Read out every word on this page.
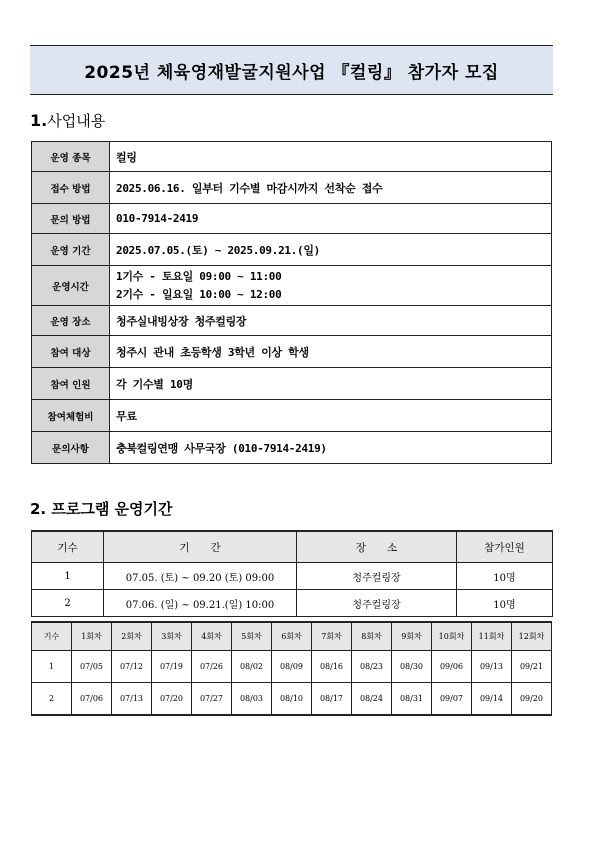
2025년 체육영재발굴지원사업 『컬링』 참가자 모집
1.사업내용
운영 종목	컬링
접수 방법	2025.06.16. 일부터 기수별 마감시까지 선착순 접수
문의 방법	010-7914-2419
운영 기간	2025.07.05.(토) ~ 2025.09.21.(일)
운영시간	1기수 - 토요일 09:00 ~ 11:00
2기수 - 일요일 10:00 ~ 12:00

운영 장소	청주실내빙상장 청주컬링장
참여 대상	청주시 관내 초등학생 3학년 이상 학생
참여 인원	각 기수별 10명
참여체험비	무료
문의사항	충북컬링연맹 사무국장 (010-7914-2419)
2. 프로그램 운영기간
기수	기　　간	장　　소	참가인원
1	07.05. (토) ~ 09.20 (토) 09:00	청주컬링장	10명
2	07.06. (일) ~ 09.21.(일) 10:00	청주컬링장	10명
기수	1회차	2회차	3회차	4회차	5회차	6회차	7회차	8회차	9회차	10회차	11회차	12회차
1	07/05	07/12	07/19	07/26	08/02	08/09	08/16	08/23	08/30	09/06	09/13	09/21
2	07/06	07/13	07/20	07/27	08/03	08/10	08/17	08/24	08/31	09/07	09/14	09/20
